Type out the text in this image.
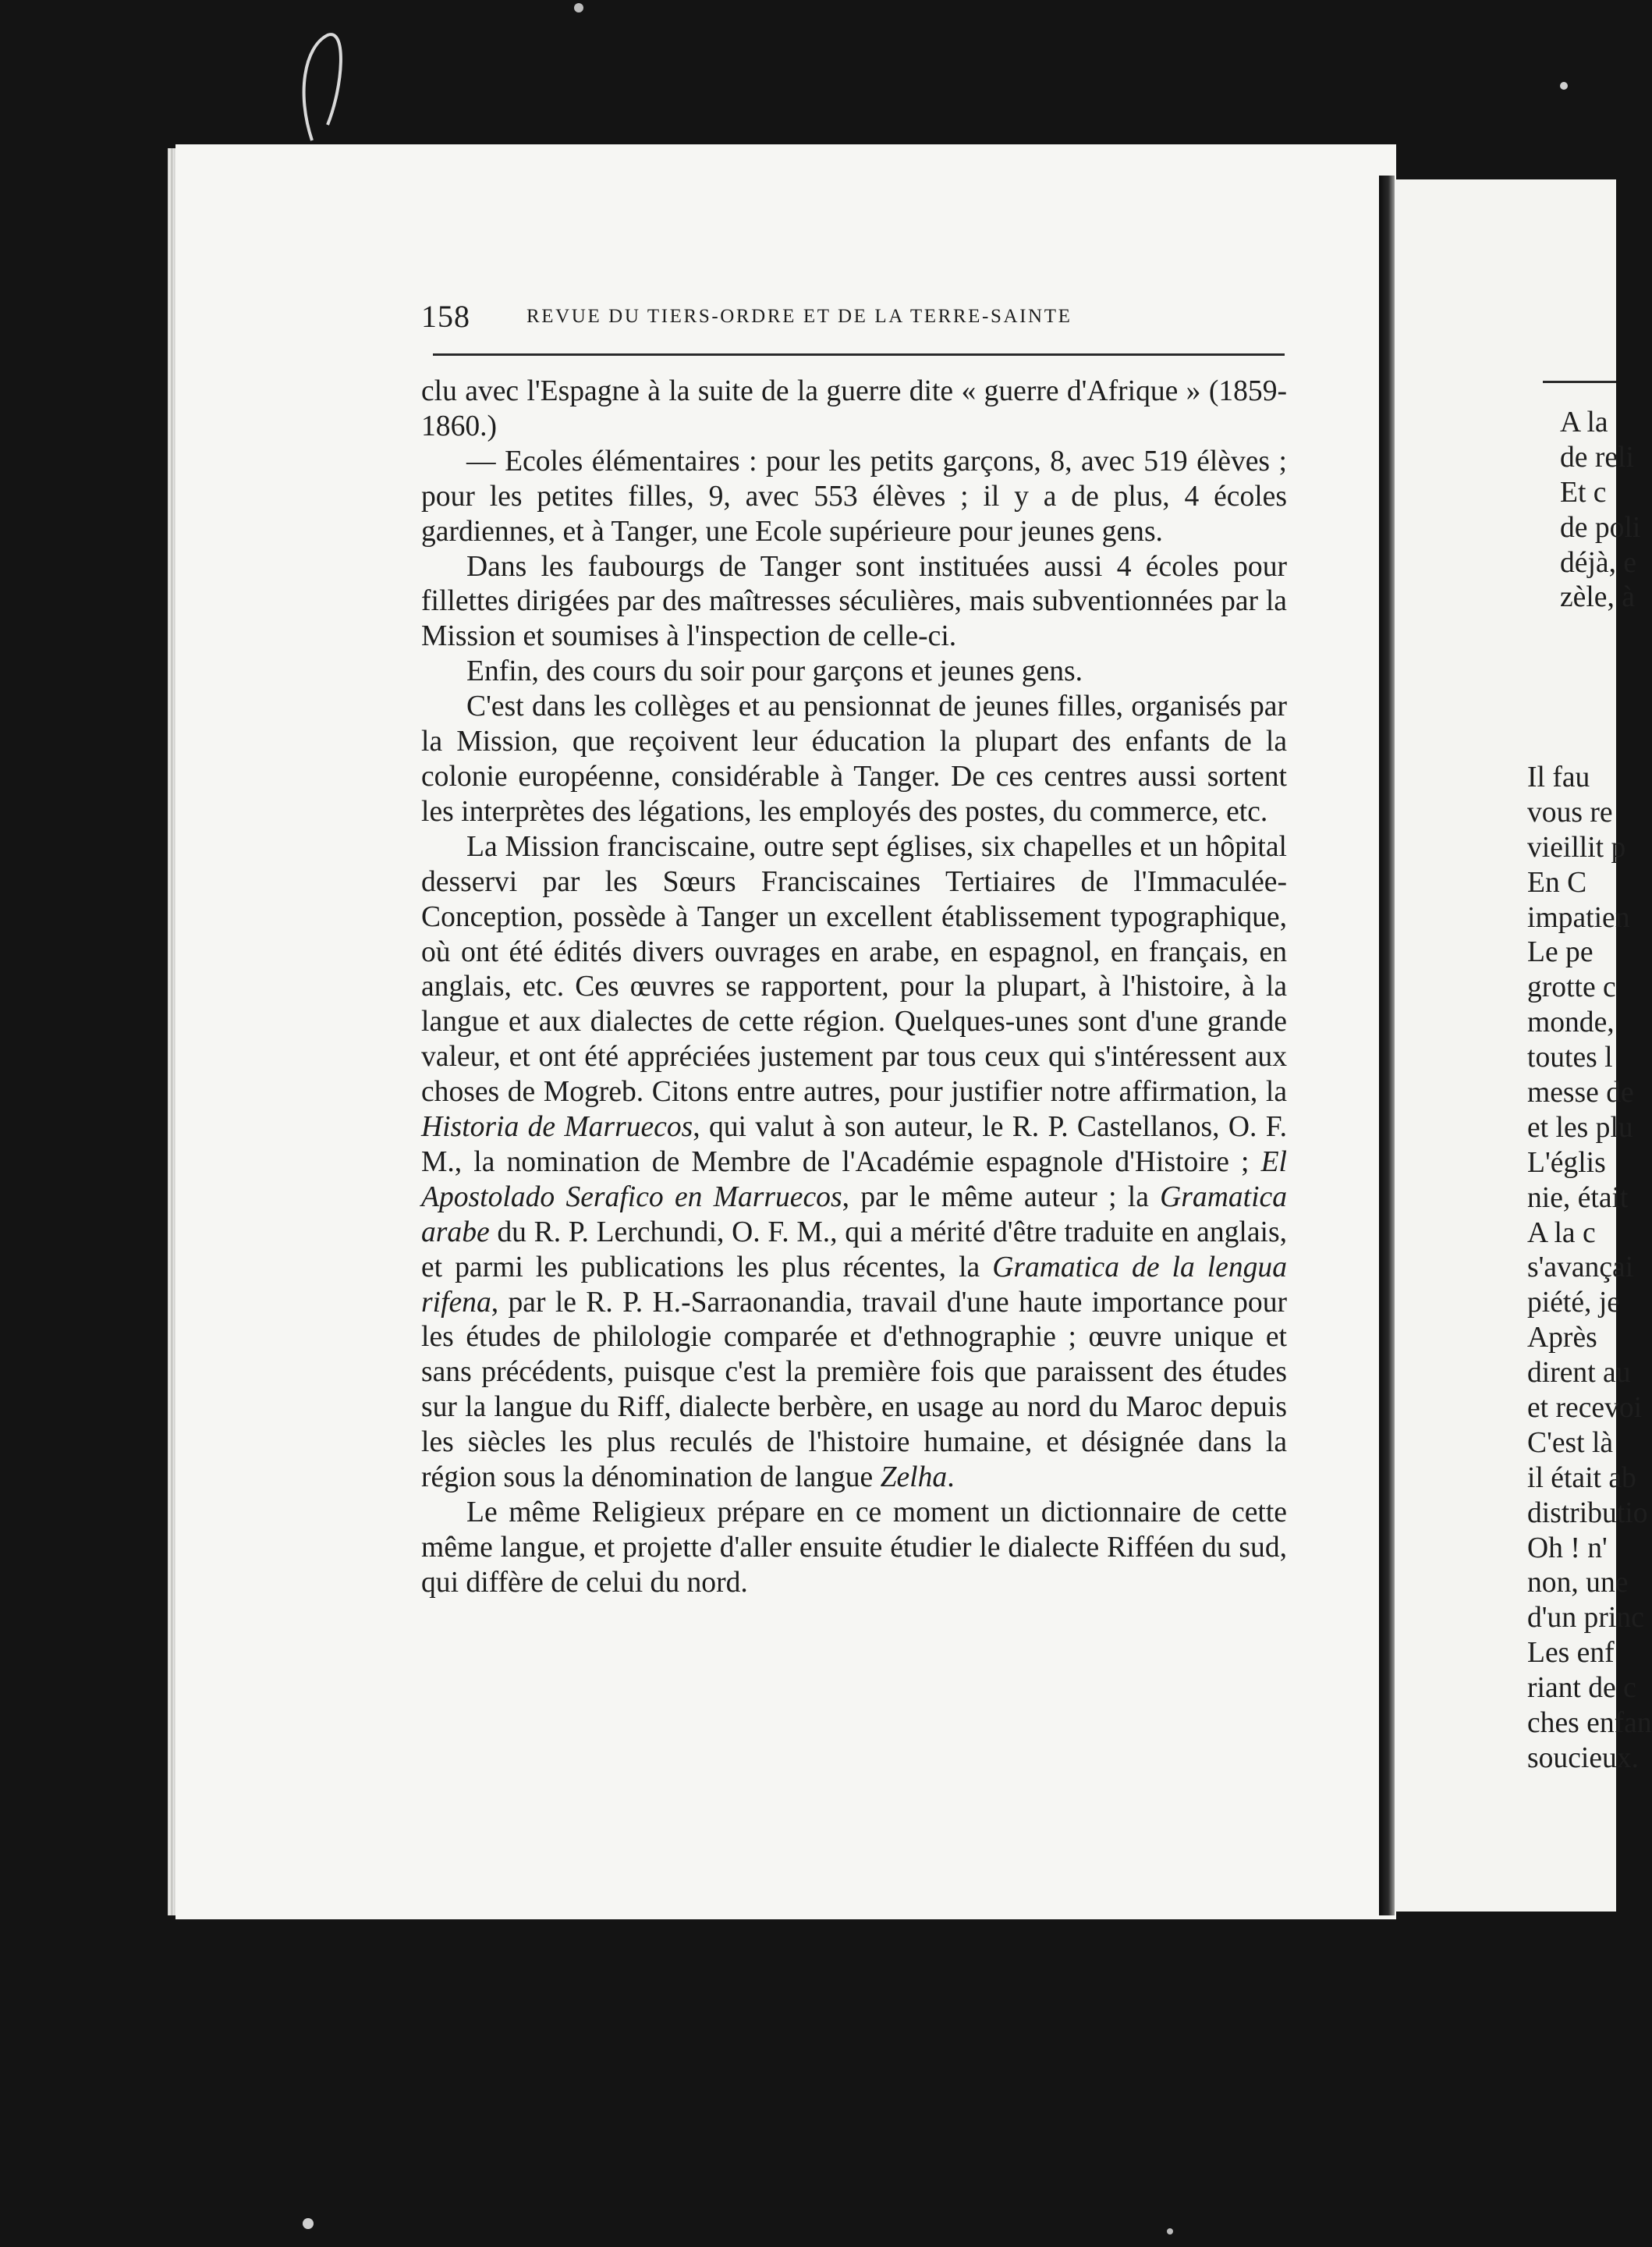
158	REVUE DU TIERS-ORDRE ET DE LA TERRE-SAINTE

clu avec l'Espagne à la suite de la guerre dite « guerre d'Afrique » (1859-1860.)

— Ecoles élémentaires : pour les petits garçons, 8, avec 519 élèves ; pour les petites filles, 9, avec 553 élèves ; il y a de plus, 4 écoles gardiennes, et à Tanger, une Ecole supérieure pour jeunes gens.

Dans les faubourgs de Tanger sont instituées aussi 4 écoles pour fillettes dirigées par des maîtresses séculières, mais subventionnées par la Mission et soumises à l'inspection de celle-ci.

Enfin, des cours du soir pour garçons et jeunes gens.

C'est dans les collèges et au pensionnat de jeunes filles, organisés par la Mission, que reçoivent leur éducation la plupart des enfants de la colonie européenne, considérable à Tanger. De ces centres aussi sortent les interprètes des légations, les employés des postes, du commerce, etc.

La Mission franciscaine, outre sept églises, six chapelles et un hôpital desservi par les Sœurs Franciscaines Tertiaires de l'Immaculée-Conception, possède à Tanger un excellent établissement typographique, où ont été édités divers ouvrages en arabe, en espagnol, en français, en anglais, etc. Ces œuvres se rapportent, pour la plupart, à l'histoire, à la langue et aux dialectes de cette région. Quelques-unes sont d'une grande valeur, et ont été appréciées justement par tous ceux qui s'intéressent aux choses de Mogreb. Citons entre autres, pour justifier notre affirmation, la Historia de Marruecos, qui valut à son auteur, le R. P. Castellanos, O. F. M., la nomination de Membre de l'Académie espagnole d'Histoire ; El Apostolado Serafico en Marruecos, par le même auteur ; la Gramatica arabe du R. P. Lerchundi, O. F. M., qui a mérité d'être traduite en anglais, et parmi les publications les plus récentes, la Gramatica de la lengua rifena, par le R. P. H.-Sarraonandia, travail d'une haute importance pour les études de philologie comparée et d'ethnographie ; œuvre unique et sans précédents, puisque c'est la première fois que paraissent des études sur la langue du Riff, dialecte berbère, en usage au nord du Maroc depuis les siècles les plus reculés de l'histoire humaine, et désignée dans la région sous la dénomination de langue Zelha.

Le même Religieux prépare en ce moment un dictionnaire de cette même langue, et projette d'aller ensuite étudier le dialecte Rifféen du sud, qui diffère de celui du nord.

A la
de reli
Et c
de poli
déjà, e
zèle, à
Il fau
vous re
vieillit p
En C
impatien
Le pe
grotte c
monde,
toutes l
messe de
et les plu
L'églis
nie, était
A la c
s'avançai
piété, je
Après
dirent au
et recevoi
C'est là
il était ab
distributio
Oh ! n'
non, une
d'un princ
Les enf
riant de c
ches enfan
soucieux.
